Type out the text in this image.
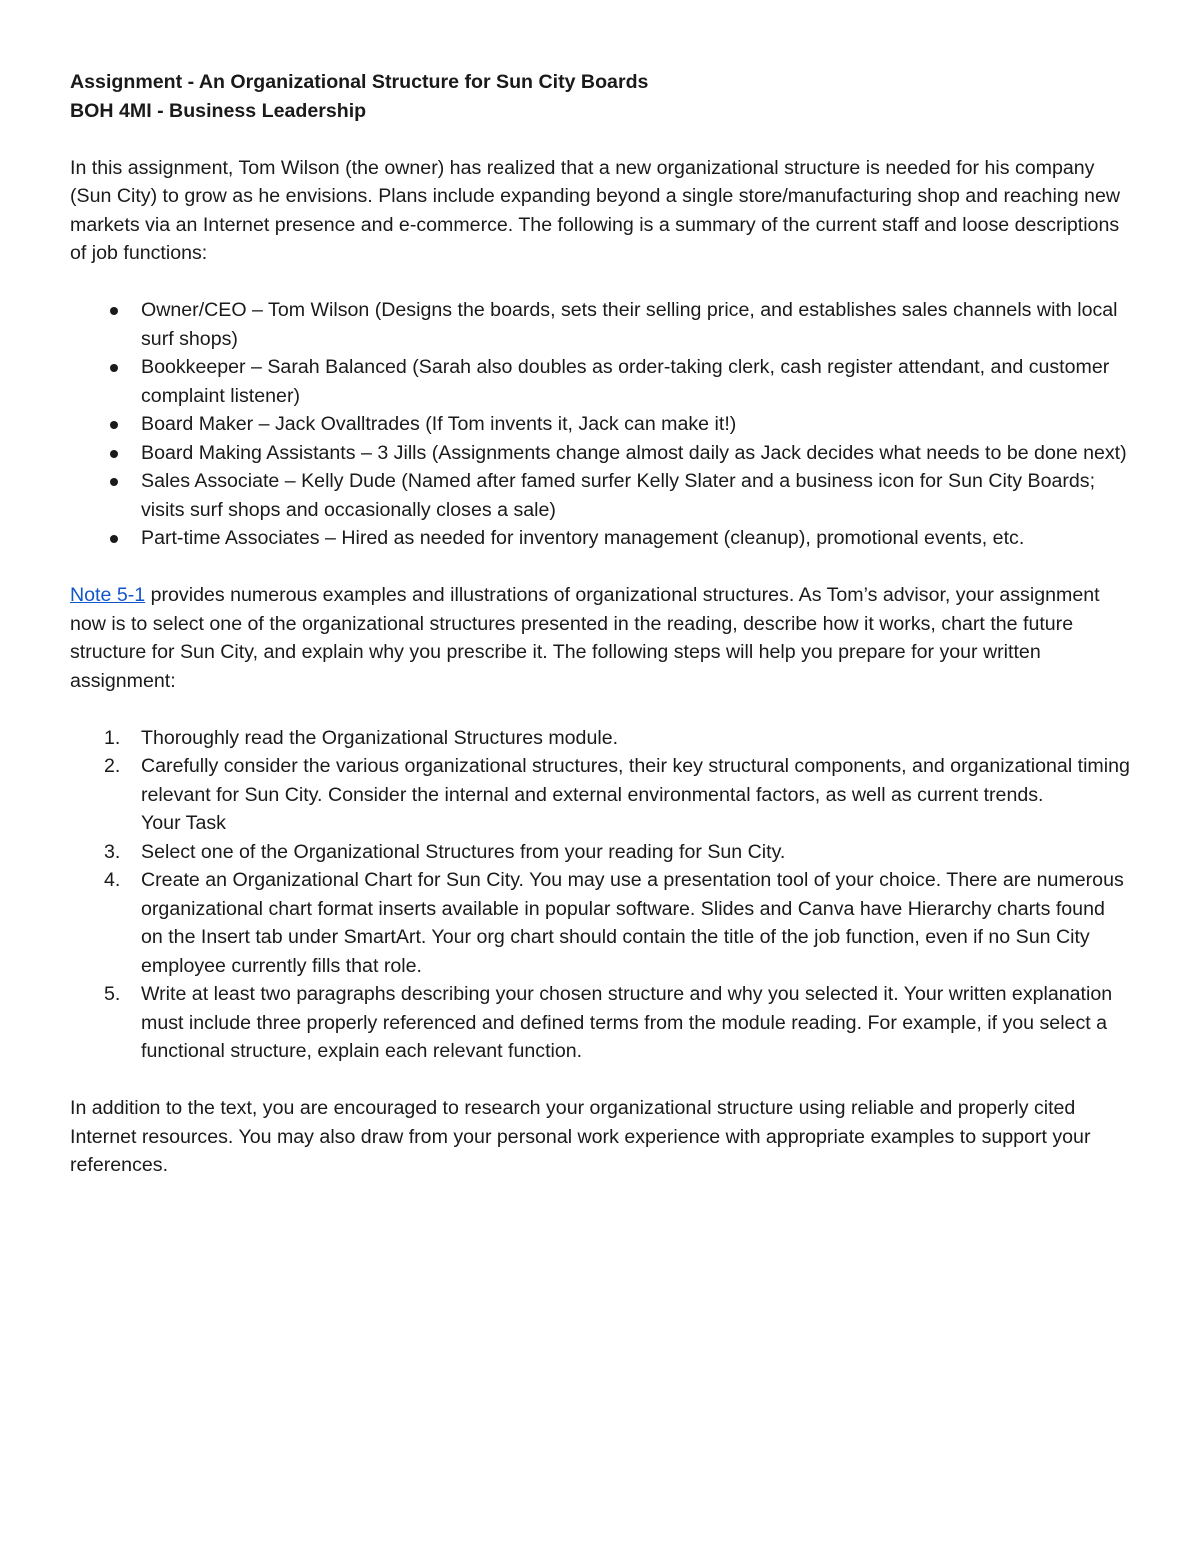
Assignment - An Organizational Structure for Sun City Boards

BOH 4MI - Business Leadership

In this assignment, Tom Wilson (the owner) has realized that a new organizational structure is needed for his company (Sun City) to grow as he envisions. Plans include expanding beyond a single store/manufacturing shop and reaching new markets via an Internet presence and e-commerce. The following is a summary of the current staff and loose descriptions of job functions:

Owner/CEO – Tom Wilson (Designs the boards, sets their selling price, and establishes sales channels with local surf shops)
Bookkeeper – Sarah Balanced (Sarah also doubles as order-taking clerk, cash register attendant, and customer complaint listener)
Board Maker – Jack Ovalltrades (If Tom invents it, Jack can make it!)
Board Making Assistants – 3 Jills (Assignments change almost daily as Jack decides what needs to be done next)
Sales Associate – Kelly Dude (Named after famed surfer Kelly Slater and a business icon for Sun City Boards; visits surf shops and occasionally closes a sale)
Part-time Associates – Hired as needed for inventory management (cleanup), promotional events, etc.

Note 5-1 provides numerous examples and illustrations of organizational structures. As Tom’s advisor, your assignment now is to select one of the organizational structures presented in the reading, describe how it works, chart the future structure for Sun City, and explain why you prescribe it. The following steps will help you prepare for your written assignment:

1. Thoroughly read the Organizational Structures module.
2. Carefully consider the various organizational structures, their key structural components, and organizational timing relevant for Sun City. Consider the internal and external environmental factors, as well as current trends.
Your Task
3. Select one of the Organizational Structures from your reading for Sun City.
4. Create an Organizational Chart for Sun City. You may use a presentation tool of your choice. There are numerous organizational chart format inserts available in popular software. Slides and Canva have Hierarchy charts found on the Insert tab under SmartArt. Your org chart should contain the title of the job function, even if no Sun City employee currently fills that role.
5. Write at least two paragraphs describing your chosen structure and why you selected it. Your written explanation must include three properly referenced and defined terms from the module reading. For example, if you select a functional structure, explain each relevant function.

In addition to the text, you are encouraged to research your organizational structure using reliable and properly cited Internet resources. You may also draw from your personal work experience with appropriate examples to support your references.
